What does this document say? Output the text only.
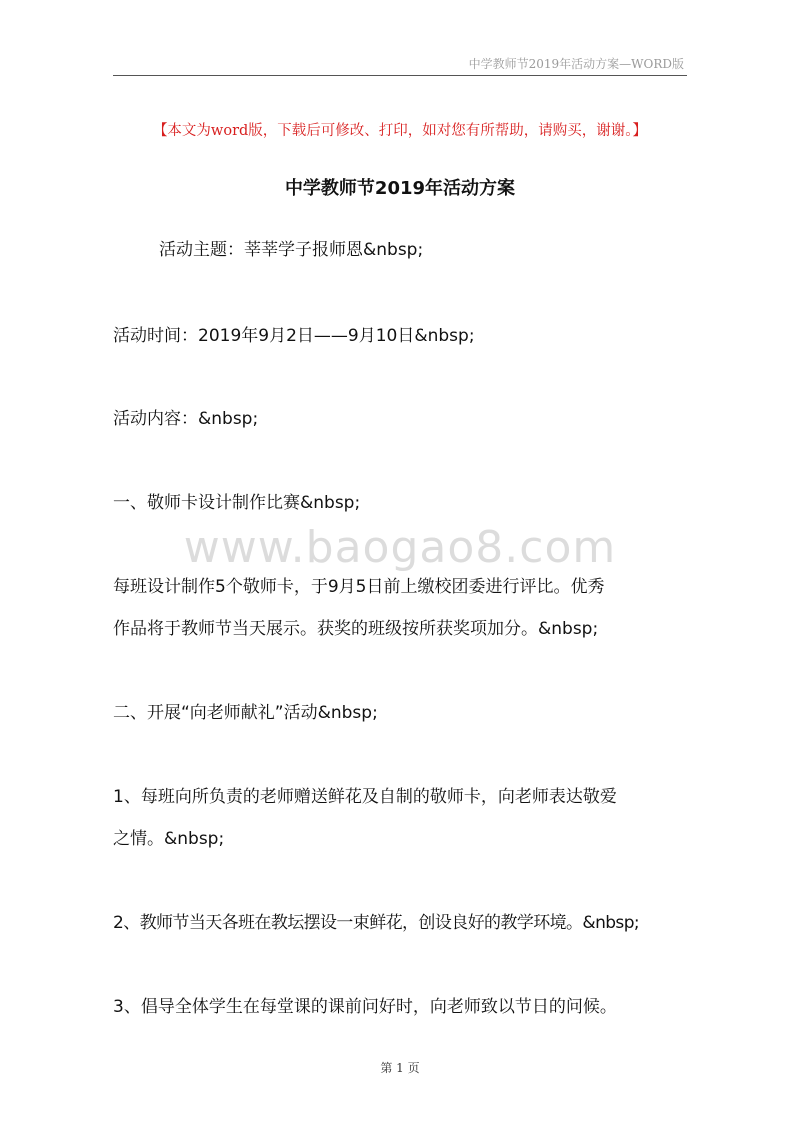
中学教师节2019年活动方案—WORD版
【本文为word版，下载后可修改、打印，如对您有所帮助，请购买，谢谢。】
中学教师节2019年活动方案
活动主题：莘莘学子报师恩&nbsp;
活动时间：2019年9月2日——9月10日&nbsp;
活动内容：&nbsp;
一、敬师卡设计制作比赛&nbsp;
www.baogao8.com
每班设计制作5个敬师卡，于9月5日前上缴校团委进行评比。优秀
作品将于教师节当天展示。获奖的班级按所获奖项加分。&nbsp;
二、开展“向老师献礼”活动&nbsp;
1、每班向所负责的老师赠送鲜花及自制的敬师卡，向老师表达敬爱
之情。&nbsp;
2、教师节当天各班在教坛摆设一束鲜花，创设良好的教学环境。&nbsp;
3、倡导全体学生在每堂课的课前问好时，向老师致以节日的问候。
第 1 页
